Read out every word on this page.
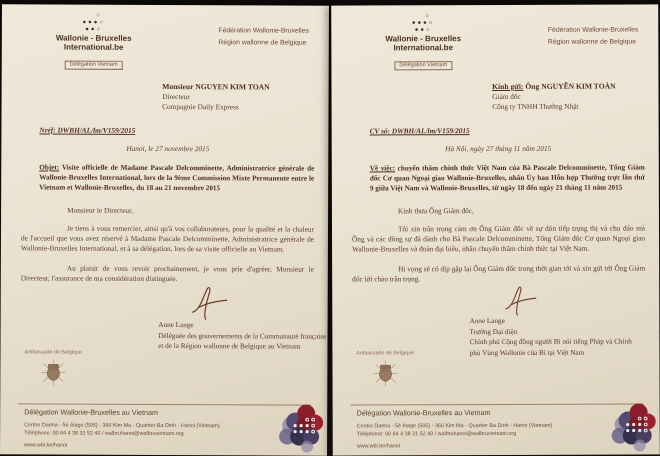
○
●●●○
●●○
Wallonie - Bruxelles
International.be
Délégation Vietnam
Fédération Wallonie-Bruxelles
Région wallonne de Belgique
Monsieur NGUYEN KIM TOAN
Directeur
Compagnie Daily Express
Nréf: DWBH/AL/lm/V159/2015
Hanoi, le 27 novembre 2015
Objet: Visite officielle de Madame Pascale Delcomminette, Administratrice générale de Wallonie-Bruxelles International, lors de la 9ème Commission Mixte Permanente entre le Vietnam et Wallonie-Bruxelles, du 18 au 21 novembre 2015
Monsieur le Directeur,
Je tiens à vous remercier, ainsi qu'à vos collaborateurs, pour la qualité et la chaleur de l'accueil que vous avez réservé à Madame Pascale Delcomminette, Administratrice générale de Wallonie-Bruxelles International, et à sa délégation, lors de sa visite officielle au Vietnam.
Au plaisir de vous revoir prochainement, je vous prie d'agréer, Monsieur le Directeur, l'assurance de ma considération distinguée.
Anne Lange
Déléguée des gouvernements de la Communauté française et de la Région wallonne de Belgique au Vietnam
Ambassade de Belgique
Délégation Wallonie-Bruxelles au Vietnam
Centre Daeha - 5è étage (505) - 360 Kim Ma - Quartier Ba Dinh - Hanoi (Vietnam)
Téléphone: 00 84 4 38 31 52 40 / walbruhanoi@walbruvietnam.org
www.wbi.be/hanoi
○
●●●○
●●○
Wallonie - Bruxelles
International.be
Délégation Vietnam
Fédération Wallonie-Bruxelles
Région wallonne de Belgique
Kính gửi: Ông NGUYỄN KIM TOÀN
Giám đốc
Công ty TNHH Thường Nhật
CV số: DWBH/AL/lm/V159/2015
Hà Nội, ngày 27 tháng 11 năm 2015
Về việc: chuyến thăm chính thức Việt Nam của Bà Pascale Delcomminette, Tổng Giám đốc Cơ quan Ngoại giao Wallonie-Bruxelles, nhân Ủy ban Hỗn hợp Thường trực lần thứ 9 giữa Việt Nam và Wallonie-Bruxelles, từ ngày 18 đến ngày 21 tháng 11 năm 2015
Kính thưa Ông Giám đốc,
Tôi xin trân trọng cảm ơn Ông Giám đốc về sự đón tiếp trọng thị và chu đáo mà Ông và các đồng sự đã dành cho Bà Pascale Delcomminette, Tổng Giám đốc Cơ quan Ngoại giao Wallonie-Bruxelles và đoàn đại biểu, nhân chuyến thăm chính thức tại Việt Nam.
Hi vọng sẽ có dịp gặp lại Ông Giám đốc trong thời gian tới và xin gửi tới Ông Giám đốc lời chào trân trọng.
Anne Lange
Trưởng Đại diện
Chính phủ Cộng đồng người Bỉ nói tiếng Pháp và Chính phủ Vùng Wallonie của Bỉ tại Việt Nam
Ambassade de Belgique
Délégation Wallonie-Bruxelles au Vietnam
Centre Daeha - 5è étage (505) - 360 Kim Ma - Quartier Ba Dinh - Hanoi (Vietnam)
Téléphone: 00 84 4 38 31 52 40 / walbruhanoi@walbruvietnam.org
www.wbi.be/hanoi
